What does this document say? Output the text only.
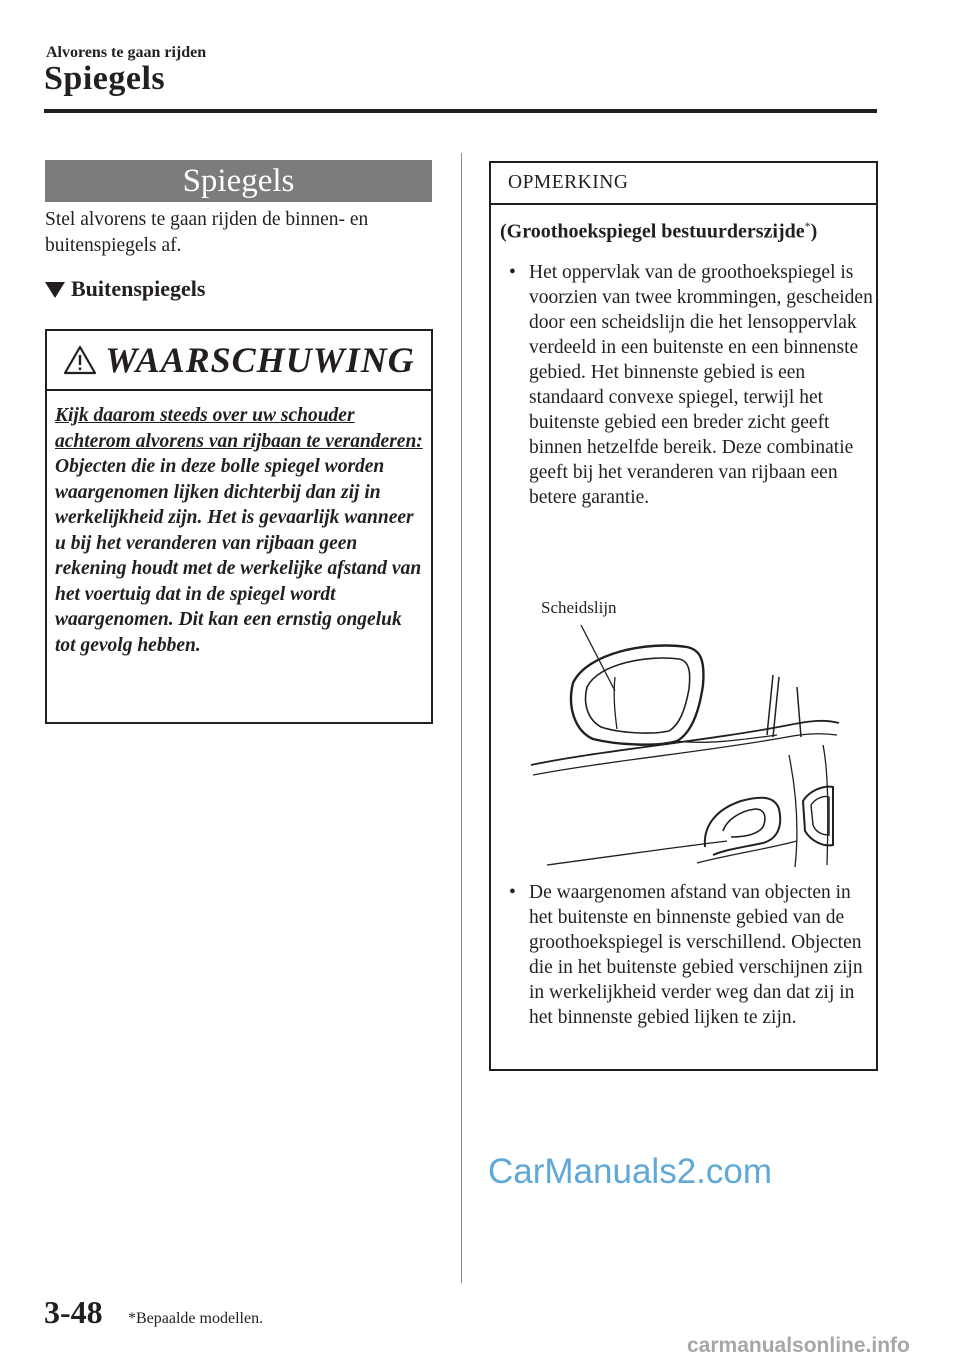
Alvorens te gaan rijden
Spiegels
Spiegels
Stel alvorens te gaan rijden de binnen- en buitenspiegels af.
Buitenspiegels
WAARSCHUWING
Kijk daarom steeds over uw schouder achterom alvorens van rijbaan te veranderen:
Objecten die in deze bolle spiegel worden waargenomen lijken dichterbij dan zij in werkelijkheid zijn. Het is gevaarlijk wanneer u bij het veranderen van rijbaan geen rekening houdt met de werkelijke afstand van het voertuig dat in de spiegel wordt waargenomen. Dit kan een ernstig ongeluk tot gevolg hebben.
OPMERKING
(Groothoekspiegel bestuurderszijde*)
• Het oppervlak van de groothoekspiegel is voorzien van twee krommingen, gescheiden door een scheidslijn die het lensoppervlak verdeeld in een buitenste en een binnenste gebied. Het binnenste gebied is een standaard convexe spiegel, terwijl het buitenste gebied een breder zicht geeft binnen hetzelfde bereik. Deze combinatie geeft bij het veranderen van rijbaan een betere garantie.
Scheidslijn
• De waargenomen afstand van objecten in het buitenste en binnenste gebied van de groothoekspiegel is verschillend. Objecten die in het buitenste gebied verschijnen zijn in werkelijkheid verder weg dan dat zij in het binnenste gebied lijken te zijn.
CarManuals2.com
3-48 *Bepaalde modellen.
carmanualsonline.info
